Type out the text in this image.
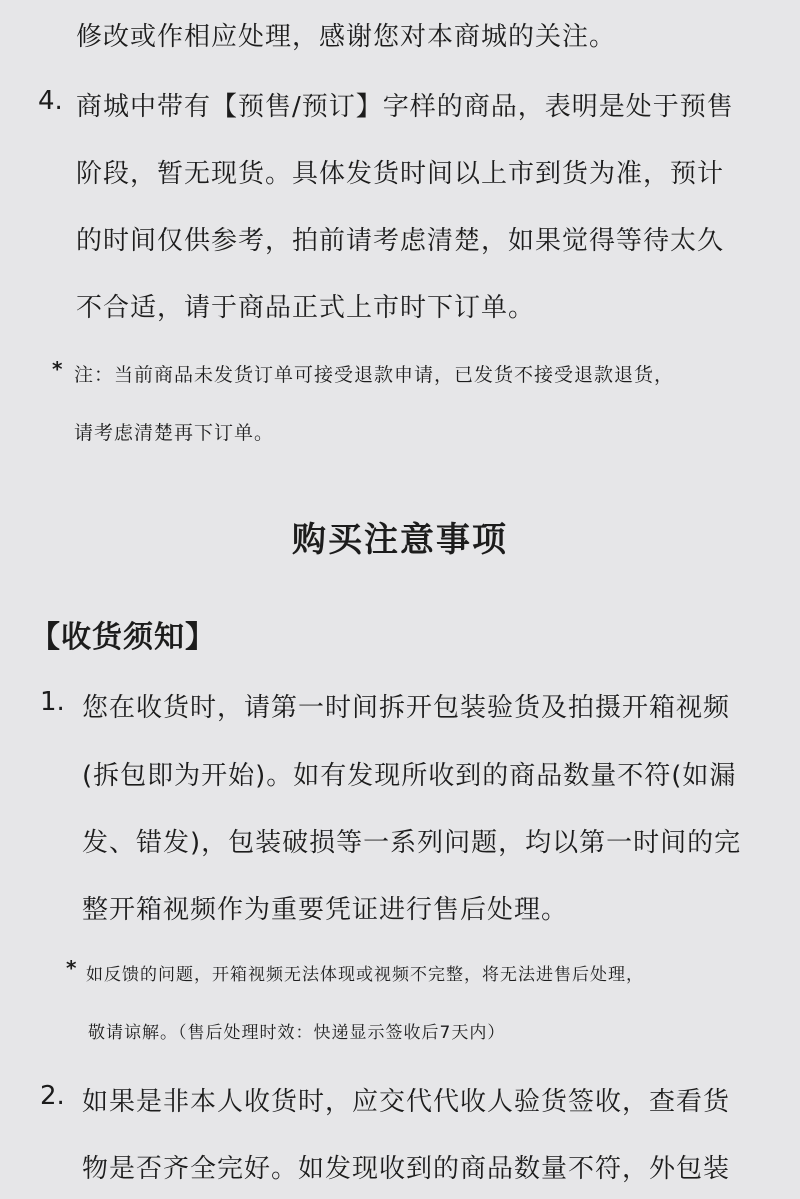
修改或作相应处理，感谢您对本商城的关注。
4. 商城中带有【预售/预订】字样的商品，表明是处于预售
阶段，暂无现货。具体发货时间以上市到货为准，预计
的时间仅供参考，拍前请考虑清楚，如果觉得等待太久
不合适，请于商品正式上市时下订单。
* 注：当前商品未发货订单可接受退款申请，已发货不接受退款退货，
请考虑清楚再下订单。
购买注意事项
【收货须知】
1. 您在收货时，请第一时间拆开包装验货及拍摄开箱视频
(拆包即为开始)。如有发现所收到的商品数量不符(如漏
发、错发)，包装破损等一系列问题，均以第一时间的完
整开箱视频作为重要凭证进行售后处理。
* 如反馈的问题，开箱视频无法体现或视频不完整，将无法进售后处理，
敬请谅解。（售后处理时效：快递显示签收后7天内）
2. 如果是非本人收货时，应交代代收人验货签收，查看货
物是否齐全完好。如发现收到的商品数量不符，外包装
